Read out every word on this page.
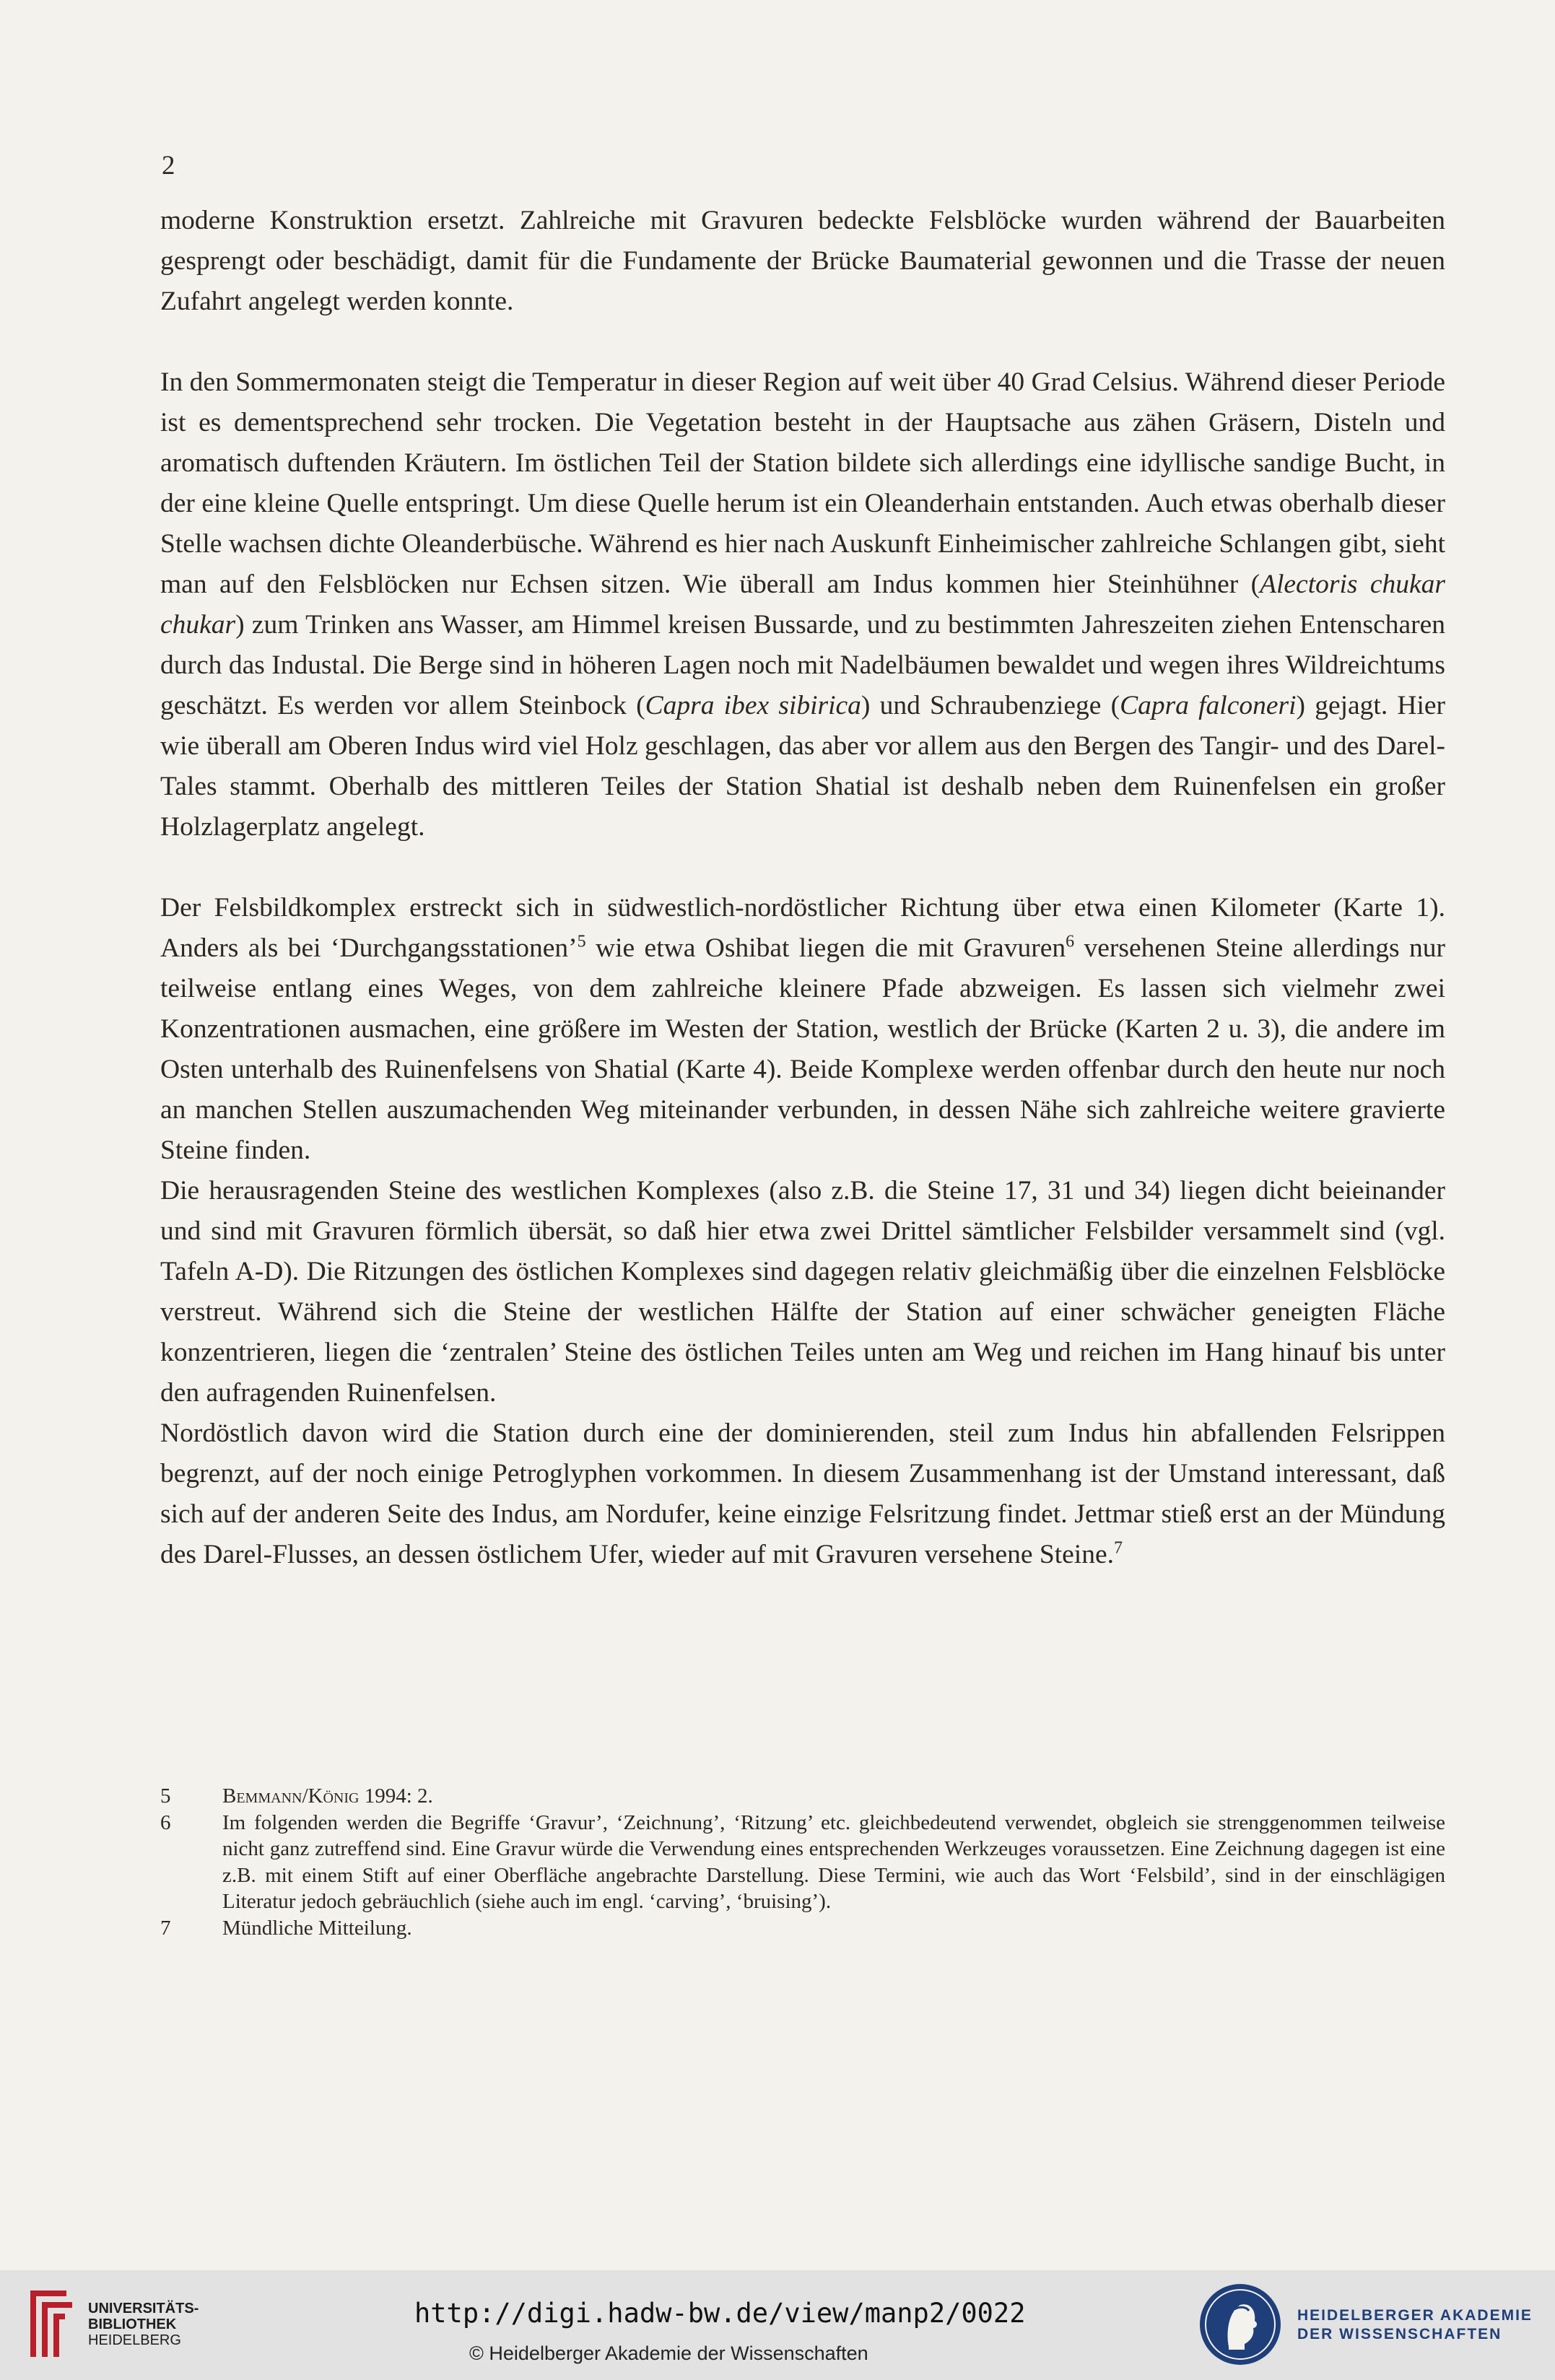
2

moderne Konstruktion ersetzt. Zahlreiche mit Gravuren bedeckte Felsblöcke wurden während der Bauarbeiten gesprengt oder beschädigt, damit für die Fundamente der Brücke Baumaterial gewonnen und die Trasse der neuen Zufahrt angelegt werden konnte.

In den Sommermonaten steigt die Temperatur in dieser Region auf weit über 40 Grad Celsius. Während dieser Periode ist es dementsprechend sehr trocken. Die Vegetation besteht in der Hauptsache aus zähen Gräsern, Disteln und aromatisch duftenden Kräutern. Im östlichen Teil der Station bildete sich allerdings eine idyllische sandige Bucht, in der eine kleine Quelle entspringt. Um diese Quelle herum ist ein Oleanderhain entstanden. Auch etwas oberhalb dieser Stelle wachsen dichte Oleanderbüsche. Während es hier nach Auskunft Einheimischer zahlreiche Schlangen gibt, sieht man auf den Felsblöcken nur Echsen sitzen. Wie überall am Indus kommen hier Steinhühner (Alectoris chukar chukar) zum Trinken ans Wasser, am Himmel kreisen Bussarde, und zu bestimmten Jahreszeiten ziehen Entenscharen durch das Industal. Die Berge sind in höheren Lagen noch mit Nadelbäumen bewaldet und wegen ihres Wildreichtums geschätzt. Es werden vor allem Steinbock (Capra ibex sibirica) und Schraubenziege (Capra falconeri) gejagt. Hier wie überall am Oberen Indus wird viel Holz geschlagen, das aber vor allem aus den Bergen des Tangir- und des Darel-Tales stammt. Oberhalb des mittleren Teiles der Station Shatial ist deshalb neben dem Ruinenfelsen ein großer Holzlagerplatz angelegt.

Der Felsbildkomplex erstreckt sich in südwestlich-nordöstlicher Richtung über etwa einen Kilometer (Karte 1). Anders als bei ‘Durchgangsstationen’$^5$ wie etwa Oshibat liegen die mit Gravuren$^6$ versehenen Steine allerdings nur teilweise entlang eines Weges, von dem zahlreiche kleinere Pfade abzweigen. Es lassen sich vielmehr zwei Konzentrationen ausmachen, eine größere im Westen der Station, westlich der Brücke (Karten 2 u. 3), die andere im Osten unterhalb des Ruinenfelsens von Shatial (Karte 4). Beide Komplexe werden offenbar durch den heute nur noch an manchen Stellen auszumachenden Weg miteinander verbunden, in dessen Nähe sich zahlreiche weitere gravierte Steine finden.

Die herausragenden Steine des westlichen Komplexes (also z.B. die Steine 17, 31 und 34) liegen dicht beieinander und sind mit Gravuren förmlich übersät, so daß hier etwa zwei Drittel sämtlicher Felsbilder versammelt sind (vgl. Tafeln A-D). Die Ritzungen des östlichen Komplexes sind dagegen relativ gleichmäßig über die einzelnen Felsblöcke verstreut. Während sich die Steine der westlichen Hälfte der Station auf einer schwächer geneigten Fläche konzentrieren, liegen die ‘zentralen’ Steine des östlichen Teiles unten am Weg und reichen im Hang hinauf bis unter den aufragenden Ruinenfelsen.

Nordöstlich davon wird die Station durch eine der dominierenden, steil zum Indus hin abfallenden Felsrippen begrenzt, auf der noch einige Petroglyphen vorkommen. In diesem Zusammenhang ist der Umstand interessant, daß sich auf der anderen Seite des Indus, am Nordufer, keine einzige Felsritzung findet. Jettmar stieß erst an der Mündung des Darel-Flusses, an dessen östlichem Ufer, wieder auf mit Gravuren versehene Steine.$^7$

5	Bemmann/König 1994: 2.

6	Im folgenden werden die Begriffe ‘Gravur’, ‘Zeichnung’, ‘Ritzung’ etc. gleichbedeutend verwendet, obgleich sie strenggenommen teilweise nicht ganz zutreffend sind. Eine Gravur würde die Verwendung eines entsprechenden Werkzeuges voraussetzen. Eine Zeichnung dagegen ist eine z.B. mit einem Stift auf einer Oberfläche angebrachte Darstellung. Diese Termini, wie auch das Wort ‘Felsbild’, sind in der einschlägigen Literatur jedoch gebräuchlich (siehe auch im engl. ‘carving’, ‘bruising’).

7	Mündliche Mitteilung.

UNIVERSITÄTS-
BIBLIOTHEK
HEIDELBERG
http://digi.hadw-bw.de/view/manp2/0022
© Heidelberger Akademie der Wissenschaften
HEIDELBERGER AKADEMIE
DER WISSENSCHAFTEN
